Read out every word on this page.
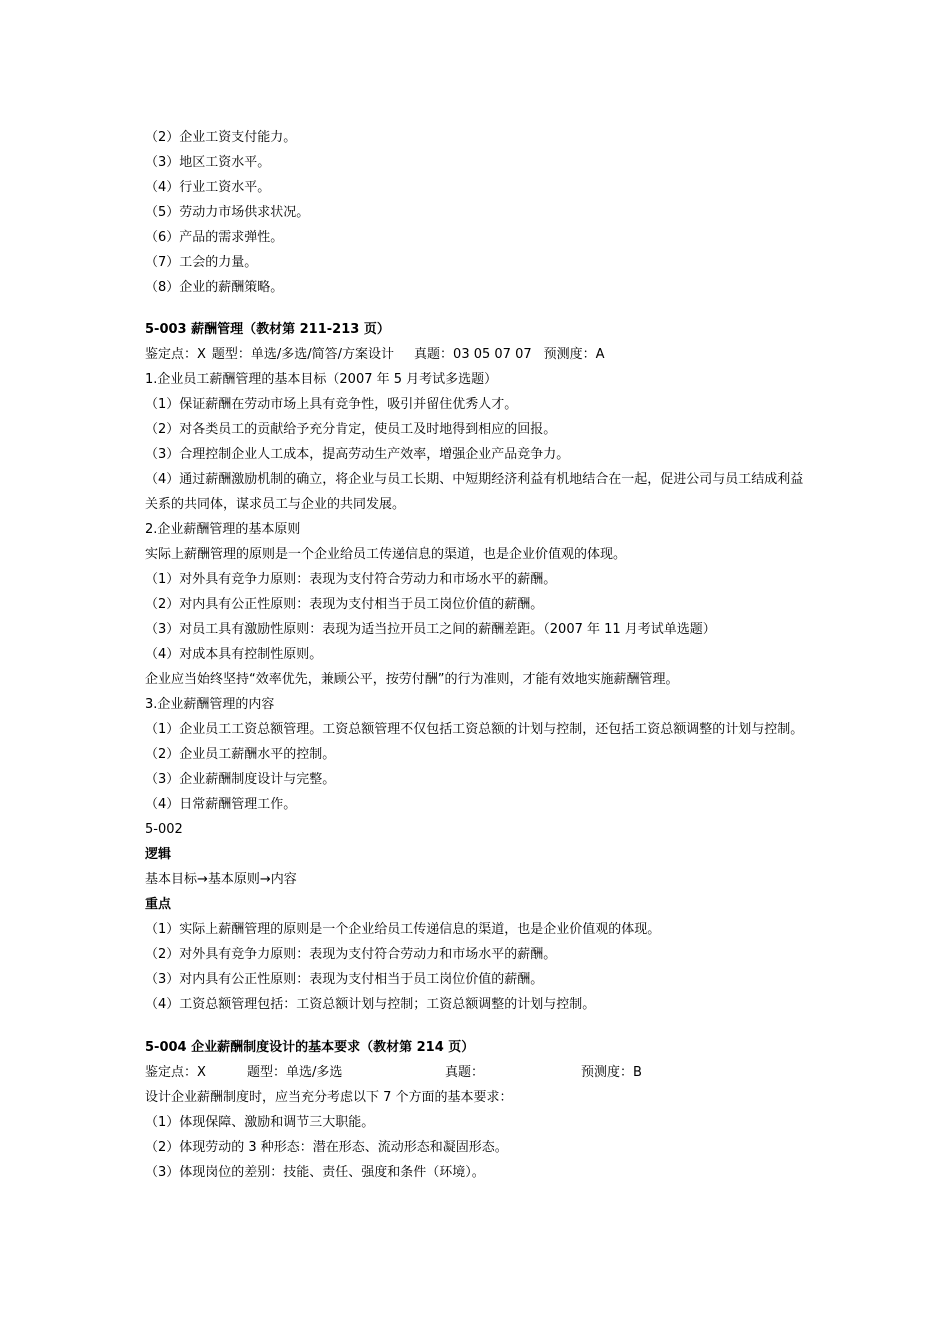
（2）企业工资支付能力。
（3）地区工资水平。
（4）行业工资水平。
（5）劳动力市场供求状况。
（6）产品的需求弹性。
（7）工会的力量。
（8）企业的薪酬策略。
5-003 薪酬管理（教材第 211-213 页）
鉴定点：X 题型：单选/多选/简答/方案设计 真题：03 05 07 07 预测度：A
1.企业员工薪酬管理的基本目标（2007 年 5 月考试多选题）
（1）保证薪酬在劳动市场上具有竞争性，吸引并留住优秀人才。
（2）对各类员工的贡献给予充分肯定，使员工及时地得到相应的回报。
（3）合理控制企业人工成本，提高劳动生产效率，增强企业产品竞争力。
（4）通过薪酬激励机制的确立，将企业与员工长期、中短期经济利益有机地结合在一起，促进公司与员工结成利益关系的共同体，谋求员工与企业的共同发展。
2.企业薪酬管理的基本原则
实际上薪酬管理的原则是一个企业给员工传递信息的渠道，也是企业价值观的体现。
（1）对外具有竞争力原则：表现为支付符合劳动力和市场水平的薪酬。
（2）对内具有公正性原则：表现为支付相当于员工岗位价值的薪酬。
（3）对员工具有激励性原则：表现为适当拉开员工之间的薪酬差距。（2007 年 11 月考试单选题）
（4）对成本具有控制性原则。
企业应当始终坚持“效率优先，兼顾公平，按劳付酬”的行为准则，才能有效地实施薪酬管理。
3.企业薪酬管理的内容
（1）企业员工工资总额管理。工资总额管理不仅包括工资总额的计划与控制，还包括工资总额调整的计划与控制。
（2）企业员工薪酬水平的控制。
（3）企业薪酬制度设计与完整。
（4）日常薪酬管理工作。
5-002
逻辑
基本目标→基本原则→内容
重点
（1）实际上薪酬管理的原则是一个企业给员工传递信息的渠道，也是企业价值观的体现。
（2）对外具有竞争力原则：表现为支付符合劳动力和市场水平的薪酬。
（3）对内具有公正性原则：表现为支付相当于员工岗位价值的薪酬。
（4）工资总额管理包括：工资总额计划与控制；工资总额调整的计划与控制。
5-004 企业薪酬制度设计的基本要求（教材第 214 页）
鉴定点：X	题型：单选/多选	真题：	预测度：B
设计企业薪酬制度时，应当充分考虑以下 7 个方面的基本要求：
（1）体现保障、激励和调节三大职能。
（2）体现劳动的 3 种形态：潜在形态、流动形态和凝固形态。
（3）体现岗位的差别：技能、责任、强度和条件（环境）。
